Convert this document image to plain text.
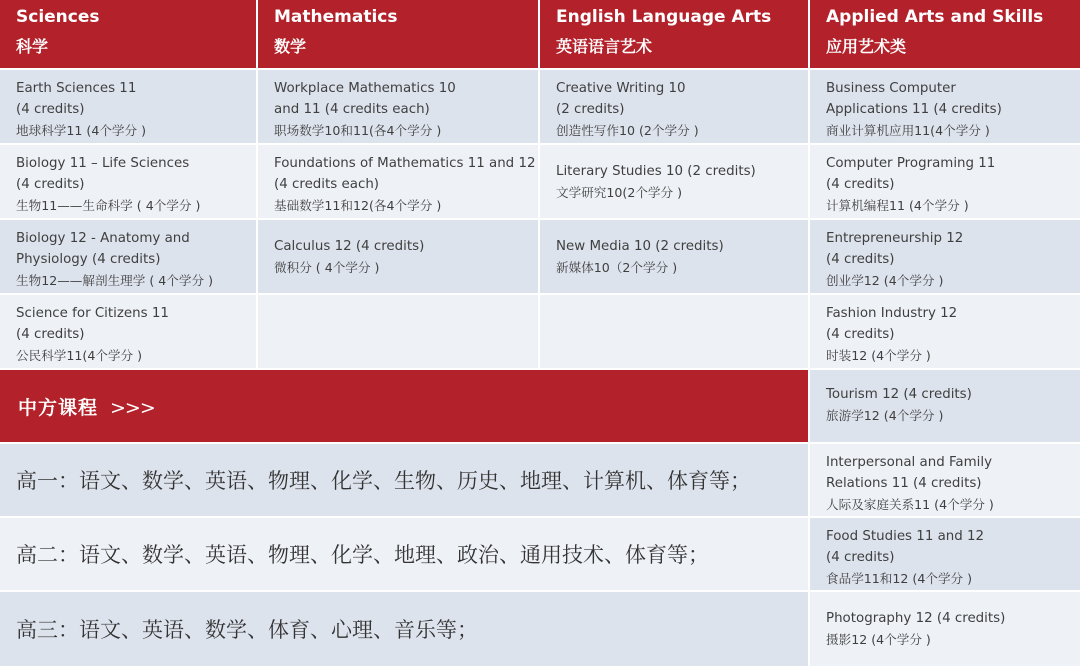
Sciences
科学
Mathematics
数学
English Language Arts
英语语言艺术
Applied Arts and Skills
应用艺术类
Earth Sciences 11
(4 credits)
地球科学11 (4个学分 )
Biology 11 – Life Sciences
(4 credits)
生物11——生命科学 ( 4个学分 )
Biology 12 - Anatomy and
Physiology (4 credits)
生物12——解剖生理学 ( 4个学分 )
Science for Citizens 11
(4 credits)
公民科学11(4个学分 )
Workplace Mathematics 10
and 11 (4 credits each)
职场数学10和11(各4个学分 )
Foundations of Mathematics 11 and 12
(4 credits each)
基础数学11和12(各4个学分 )
Calculus 12 (4 credits)
微积分 ( 4个学分 )
Creative Writing 10
(2 credits)
创造性写作10 (2个学分 )
Literary Studies 10 (2 credits)
文学研究10(2个学分 )
New Media 10 (2 credits)
新媒体10（2个学分 )
Business Computer
Applications 11 (4 credits)
商业计算机应用11(4个学分 )
Computer Programing 11
(4 credits)
计算机编程11 (4个学分 )
Entrepreneurship 12
(4 credits)
创业学12 (4个学分 )
Fashion Industry 12
(4 credits)
时装12 (4个学分 )
Tourism 12 (4 credits)
旅游学12 (4个学分 )
Interpersonal and Family
Relations 11 (4 credits)
人际及家庭关系11 (4个学分 )
Food Studies 11 and 12
(4 credits)
食品学11和12 (4个学分 )
Photography 12 (4 credits)
摄影12 (4个学分 )
中方课程 >>>
高一：语文、数学、英语、物理、化学、生物、历史、地理、计算机、体育等；
高二：语文、数学、英语、物理、化学、地理、政治、通用技术、体育等；
高三：语文、英语、数学、体育、心理、音乐等；
